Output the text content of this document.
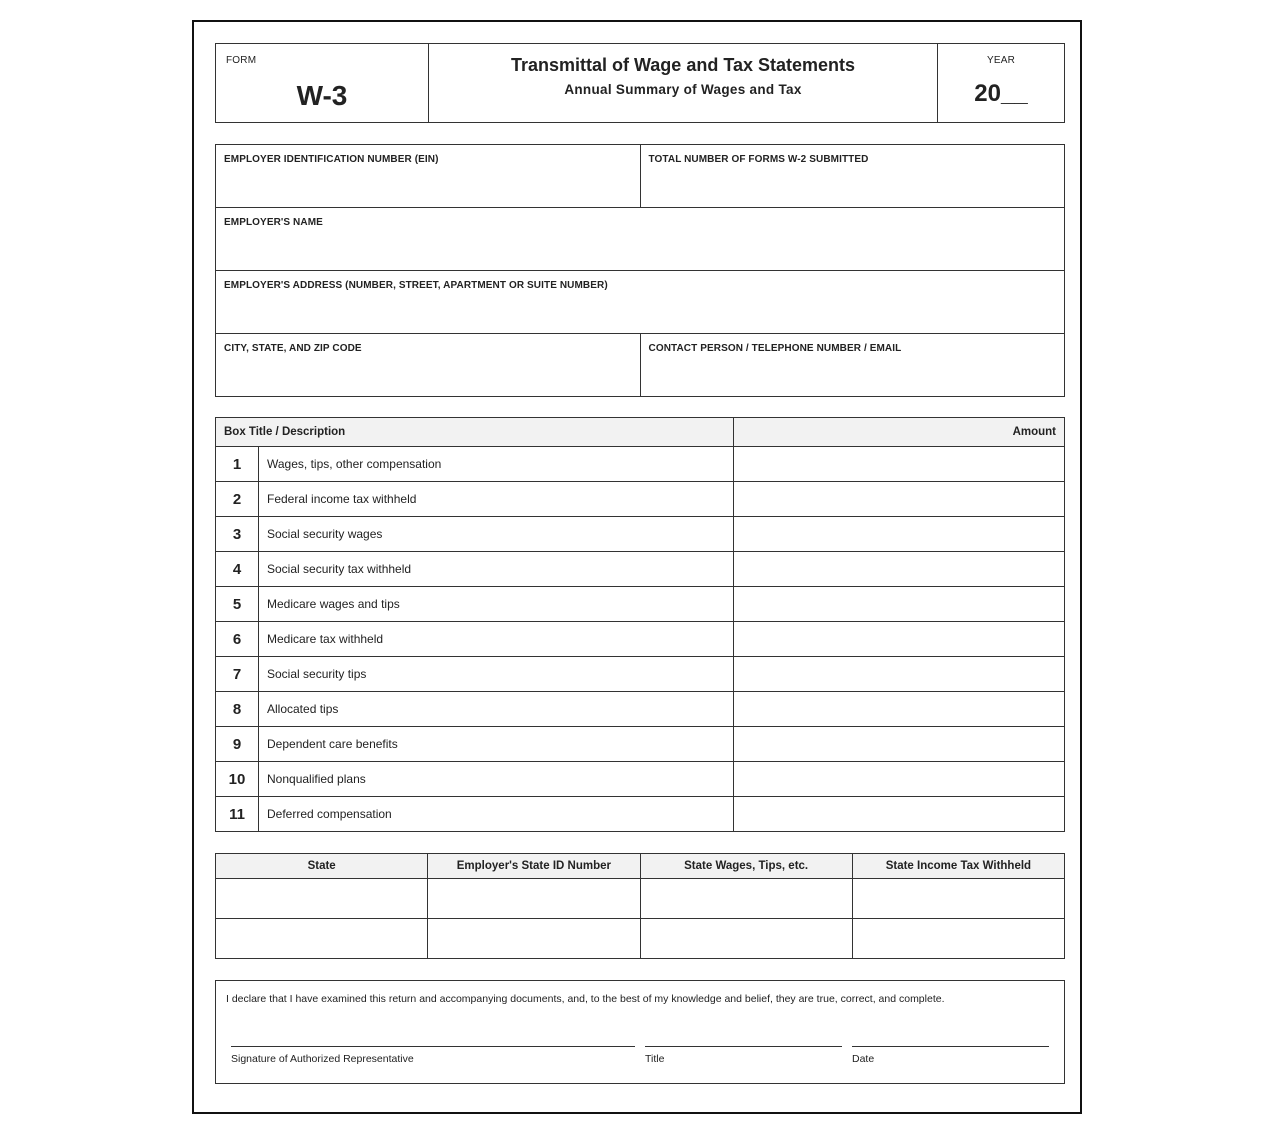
FORM
W-3
Transmittal of Wage and Tax Statements
Annual Summary of Wages and Tax
YEAR
20__
EMPLOYER IDENTIFICATION NUMBER (EIN)	TOTAL NUMBER OF FORMS W-2 SUBMITTED
EMPLOYER'S NAME
EMPLOYER'S ADDRESS (NUMBER, STREET, APARTMENT OR SUITE NUMBER)
CITY, STATE, AND ZIP CODE	CONTACT PERSON / TELEPHONE NUMBER / EMAIL
Box Title / Description		Amount
1	Wages, tips, other compensation	
2	Federal income tax withheld	
3	Social security wages	
4	Social security tax withheld	
5	Medicare wages and tips	
6	Medicare tax withheld	
7	Social security tips	
8	Allocated tips	
9	Dependent care benefits	
10	Nonqualified plans	
11	Deferred compensation	
State	Employer's State ID Number	State Wages, Tips, etc.	State Income Tax Withheld

I declare that I have examined this return and accompanying documents, and, to the best of my knowledge and belief, they are true, correct, and complete.
Signature of Authorized Representative	Title	Date
